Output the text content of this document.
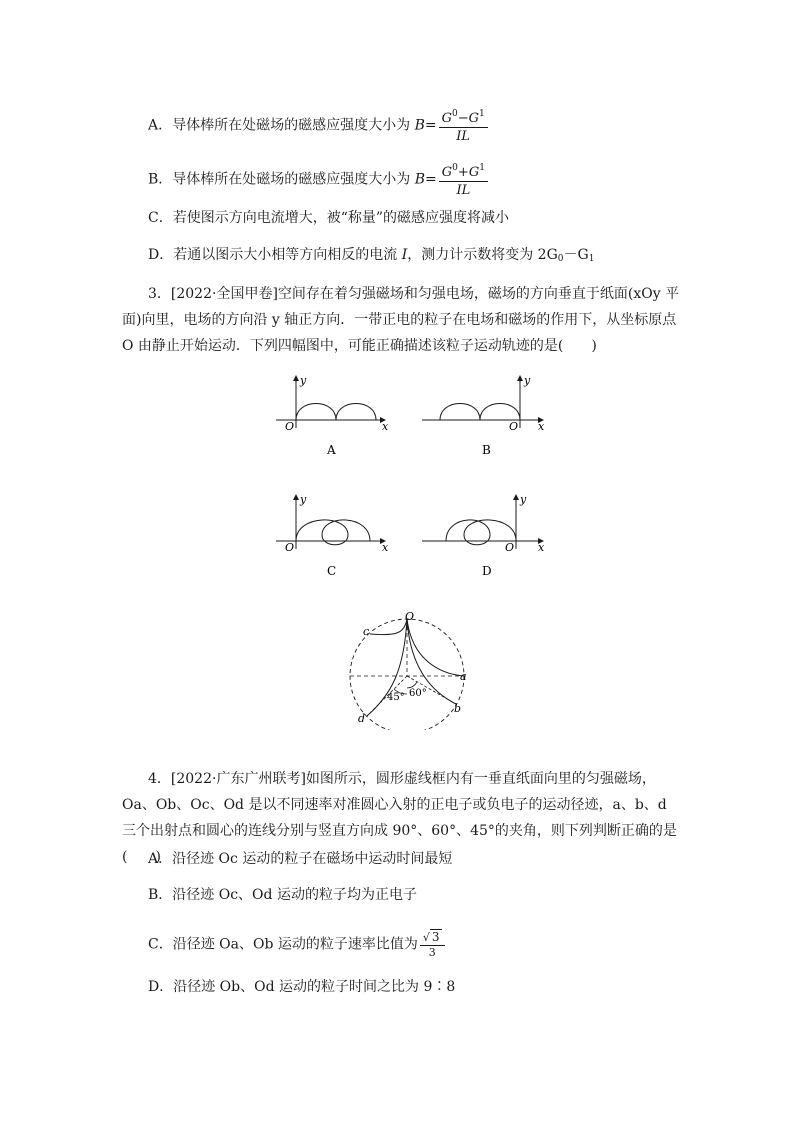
A．导体棒所在处磁场的磁感应强度大小为 $B= \frac{G^0-G^1}{IL}$
B．导体棒所在处磁场的磁感应强度大小为 $B= \frac{G^0+G^1}{IL}$
C．若使图示方向电流增大，被“称量”的磁感应强度将减小
D．若通以图示大小相等方向相反的电流 I，测力计示数将变为 $2G_0-G_1$
3．[2022·全国甲卷]空间存在着匀强磁场和匀强电场，磁场的方向垂直于纸面(xOy 平面)向里，电场的方向沿 y 轴正方向．一带正电的粒子在电场和磁场的作用下，从坐标原点 O 由静止开始运动．下列四幅图中，可能正确描述该粒子运动轨迹的是(　　)
y
x
O
A
y
x
O
B
y
x
O
C
y
x
O
D
O
a
b
c
d
45° 60°
4．[2022·广东广州联考]如图所示，圆形虚线框内有一垂直纸面向里的匀强磁场，Oa、Ob、Oc、Od 是以不同速率对准圆心入射的正电子或负电子的运动径迹，a、b、d 三个出射点和圆心的连线分别与竖直方向成 90°、60°、45°的夹角，则下列判断正确的是(　　)
A．沿径迹 Oc 运动的粒子在磁场中运动时间最短
B．沿径迹 Oc、Od 运动的粒子均为正电子
C．沿径迹 Oa、Ob 运动的粒子速率比值为 $\frac{√ 3}{3}$
D．沿径迹 Ob、Od 运动的粒子时间之比为 9∶8
